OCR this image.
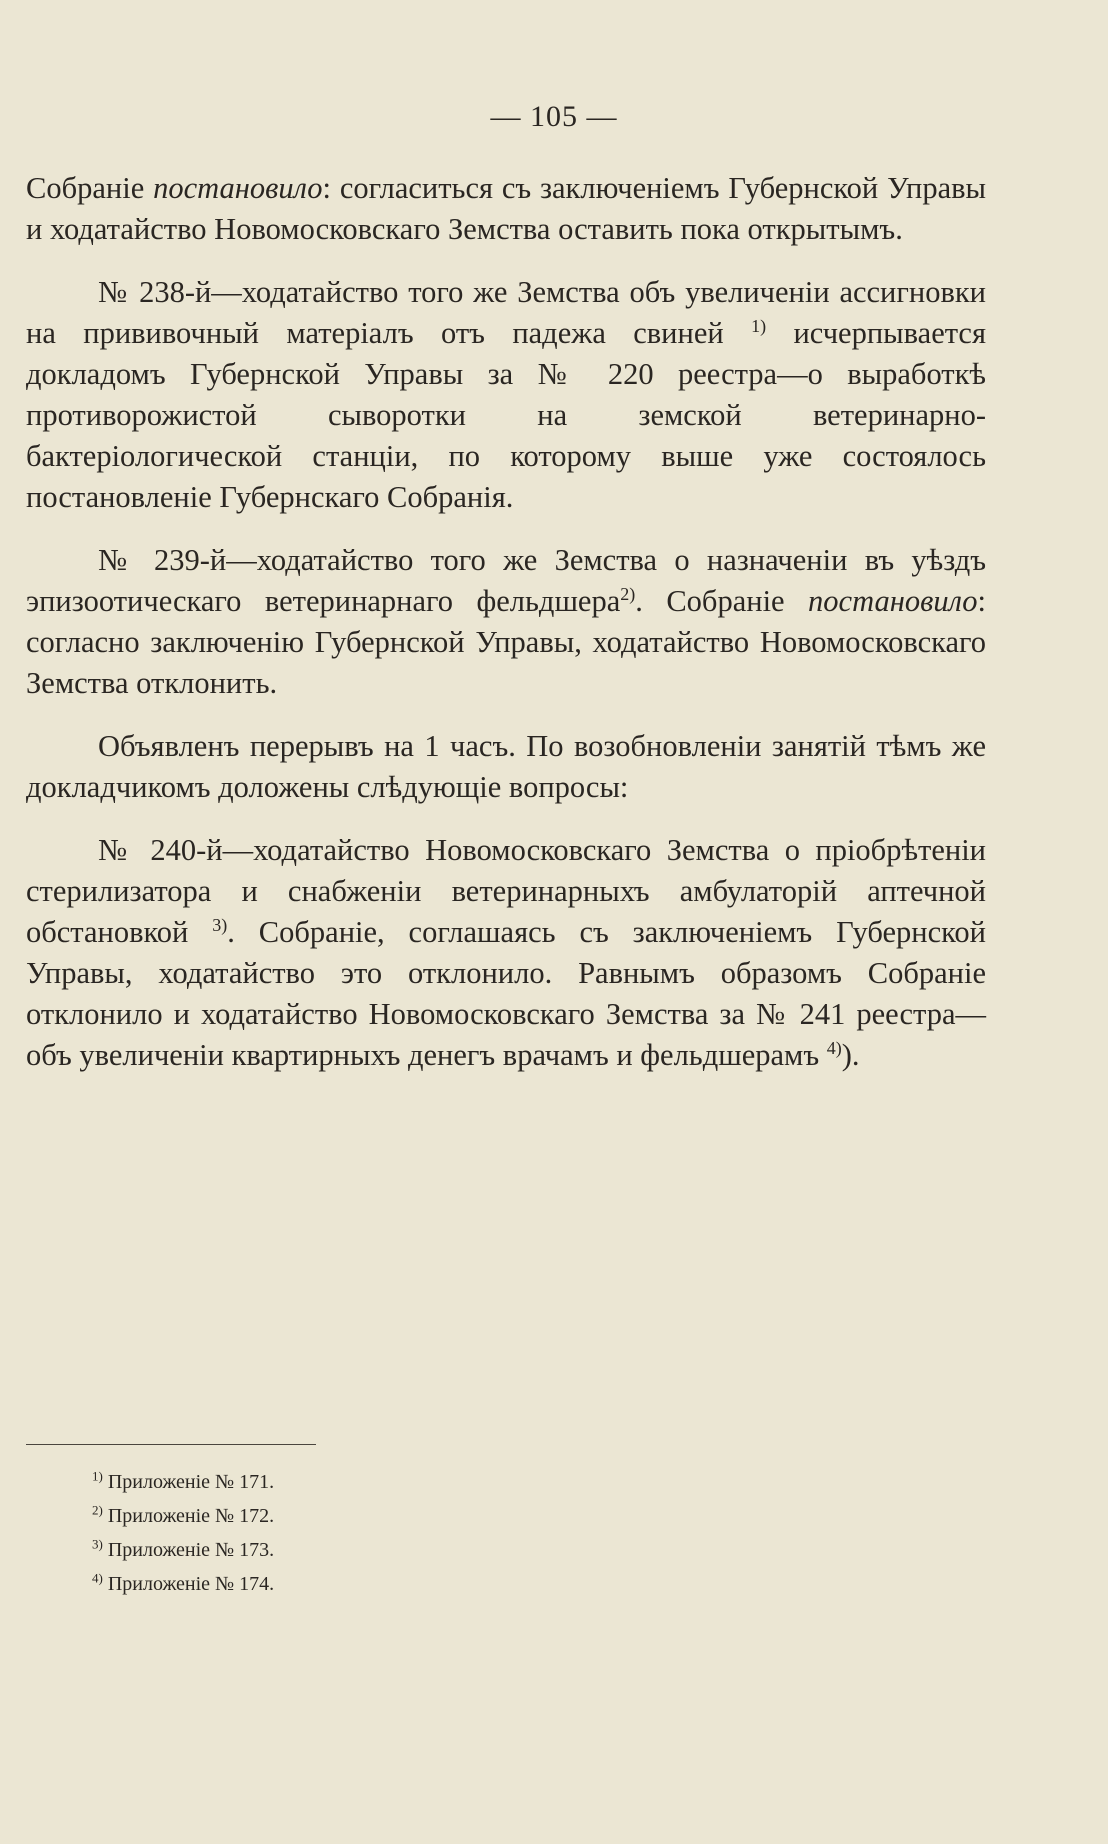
— 105 —

Собраніе постановило: согласиться съ заключеніемъ Губернской Управы и ходатайство Новомосковскаго Земства оставить пока открытымъ.

№ 238-й—ходатайство того же Земства объ увеличеніи ассигновки на прививочный матеріалъ отъ падежа свиней $^{1)}$ исчерпывается докладомъ Губернской Управы за № 220 реестра—о выработкѣ противорожистой сыворотки на земской ветеринарно-бактеріологической станціи, по которому выше уже состоялось постановленіе Губернскаго Собранія.

№ 239-й—ходатайство того же Земства о назначеніи въ уѣздъ эпизоотическаго ветеринарнаго фельдшера$^{2)}$. Собраніе постановило: согласно заключенію Губернской Управы, ходатайство Новомосковскаго Земства отклонить.

Объявленъ перерывъ на 1 часъ. По возобновленіи занятій тѣмъ же докладчикомъ доложены слѣдующіе вопросы:

№ 240-й—ходатайство Новомосковскаго Земства о пріобрѣтеніи стерилизатора и снабженіи ветеринарныхъ амбулаторій аптечной обстановкой $^{3)}$. Собраніе, соглашаясь съ заключеніемъ Губернской Управы, ходатайство это отклонило. Равнымъ образомъ Собраніе отклонило и ходатайство Новомосковскаго Земства за № 241 реестра—объ увеличеніи квартирныхъ денегъ врачамъ и фельдшерамъ $^{4)}$).

$^{1)}$ Приложеніе № 171.
$^{2)}$ Приложеніе № 172.
$^{3)}$ Приложеніе № 173.
$^{4)}$ Приложеніе № 174.
